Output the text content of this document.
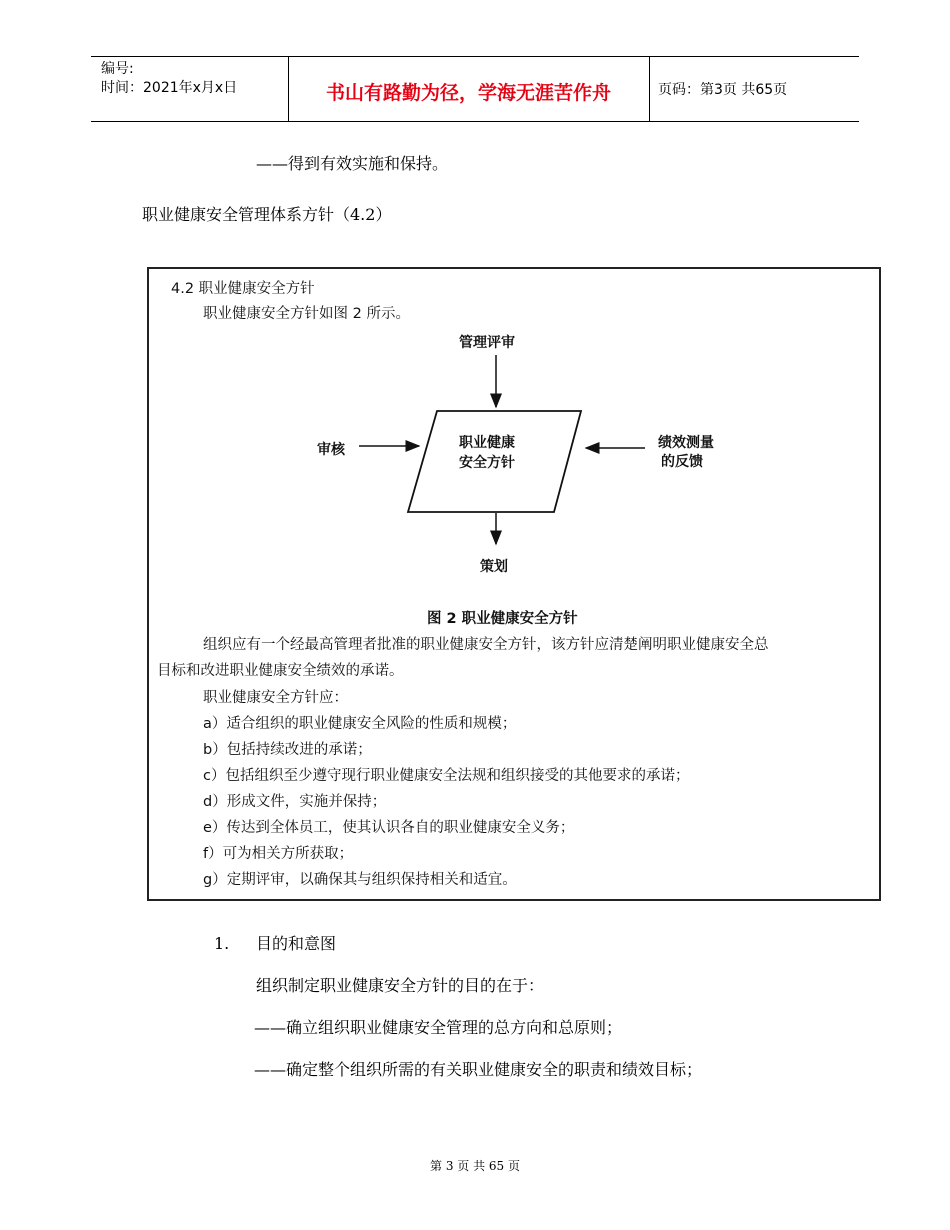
编号:
时间：2021年x月x日	书山有路勤为径，学海无涯苦作舟	页码：第3页 共65页
——得到有效实施和保持。
职业健康安全管理体系方针（4.2）
4.2 职业健康安全方针
职业健康安全方针如图 2 所示。
管理评审
审核	职业健康
安全方针
绩效测量
的反馈
策划
图 2 职业健康安全方针
组织应有一个经最高管理者批准的职业健康安全方针，该方针应清楚阐明职业健康安全总
目标和改进职业健康安全绩效的承诺。
职业健康安全方针应：
a）适合组织的职业健康安全风险的性质和规模；
b）包括持续改进的承诺；
c）包括组织至少遵守现行职业健康安全法规和组织接受的其他要求的承诺；
d）形成文件，实施并保持；
e）传达到全体员工，使其认识各自的职业健康安全义务；
f）可为相关方所获取；
g）定期评审，以确保其与组织保持相关和适宜。
1. 目的和意图
组织制定职业健康安全方针的目的在于：
——确立组织职业健康安全管理的总方向和总原则；
——确定整个组织所需的有关职业健康安全的职责和绩效目标；
第 3 页 共 65 页
